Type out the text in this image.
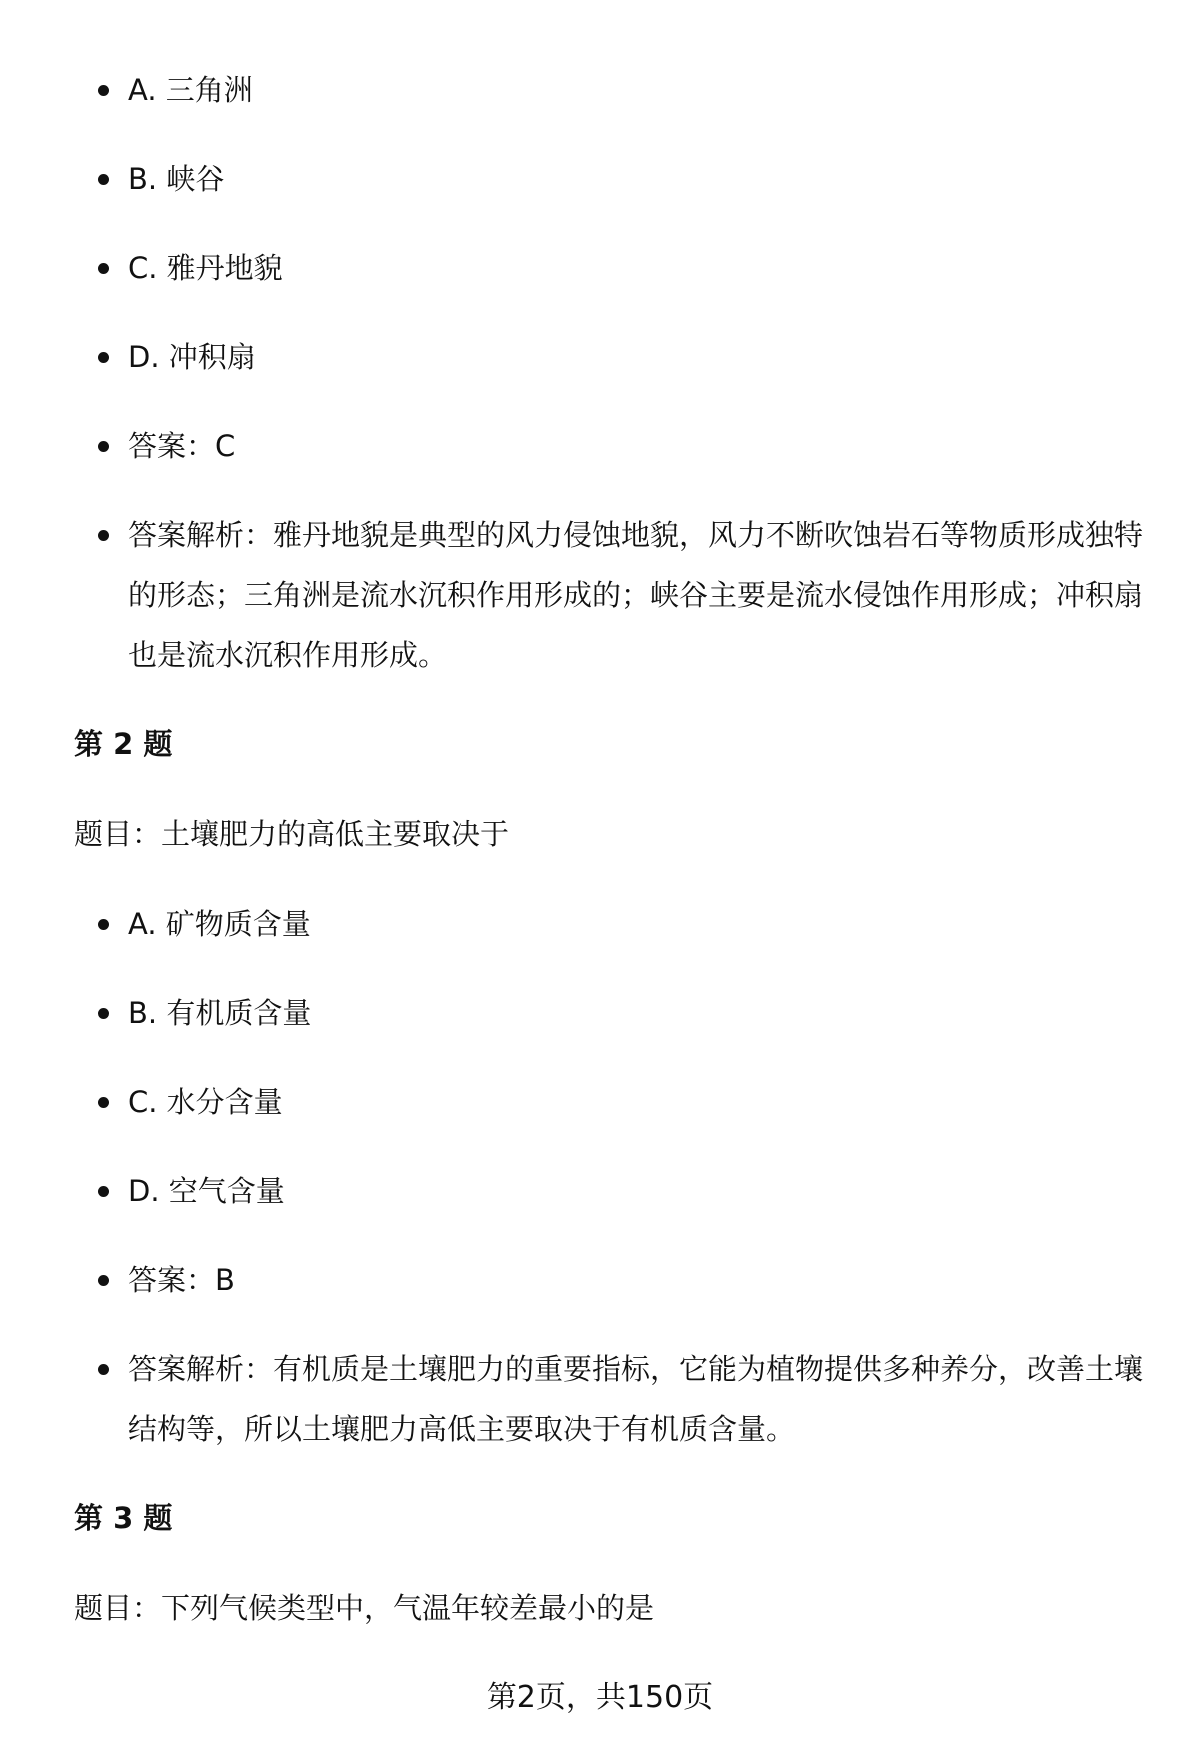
A. 三角洲
B. 峡谷
C. 雅丹地貌
D. 冲积扇
答案：C
答案解析：雅丹地貌是典型的风力侵蚀地貌，风力不断吹蚀岩石等物质形成独特的形态；三角洲是流水沉积作用形成的；峡谷主要是流水侵蚀作用形成；冲积扇也是流水沉积作用形成。
第 2 题
题目：土壤肥力的高低主要取决于
A. 矿物质含量
B. 有机质含量
C. 水分含量
D. 空气含量
答案：B
答案解析：有机质是土壤肥力的重要指标，它能为植物提供多种养分，改善土壤结构等，所以土壤肥力高低主要取决于有机质含量。
第 3 题
题目：下列气候类型中，气温年较差最小的是
第2页，共150页
